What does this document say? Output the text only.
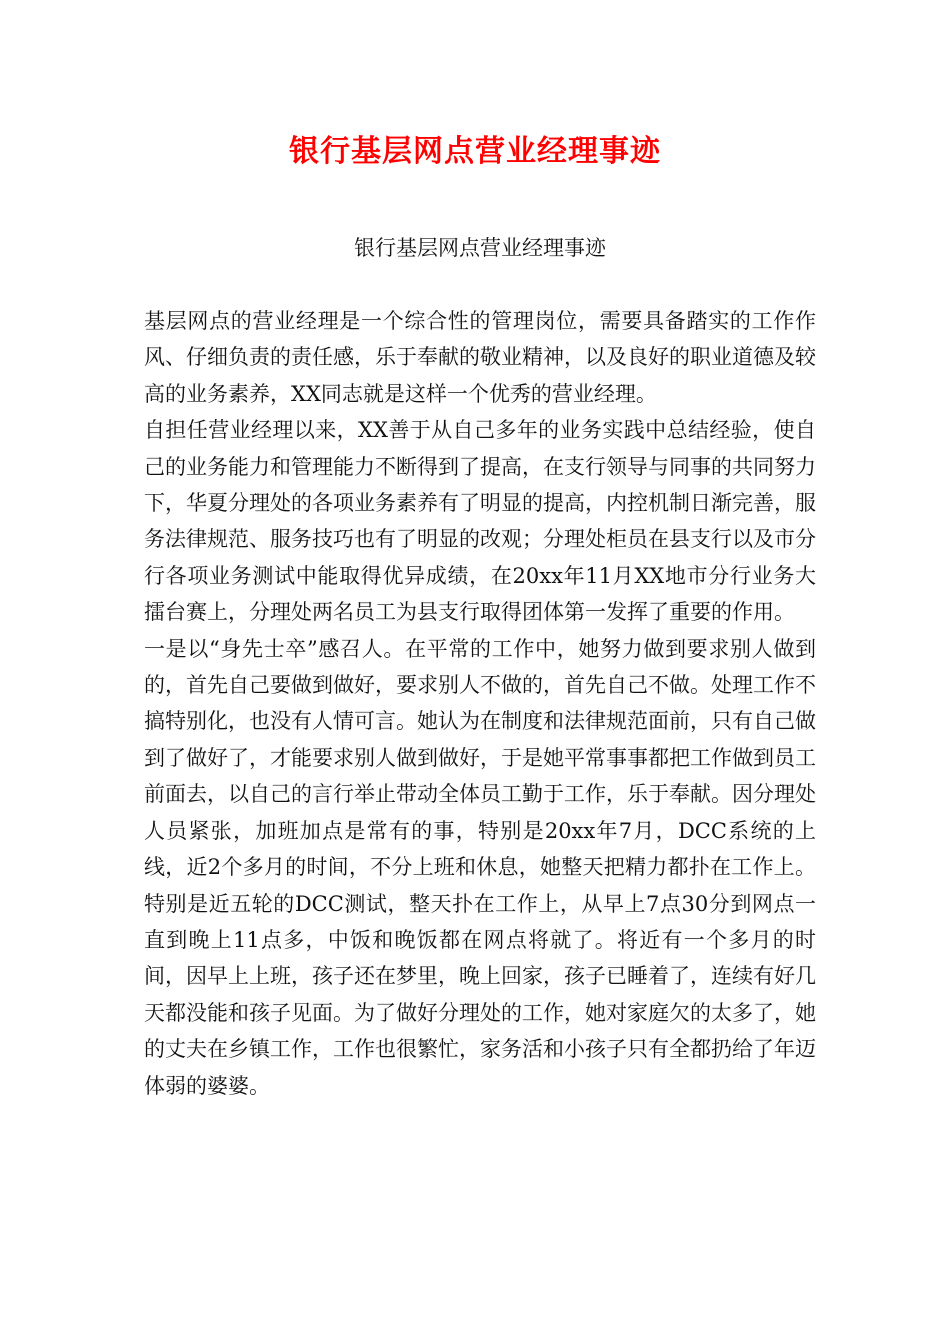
银行基层网点营业经理事迹
银行基层网点营业经理事迹

基层网点的营业经理是一个综合性的管理岗位，需要具备踏实的工作作风、仔细负责的责任感，乐于奉献的敬业精神，以及良好的职业道德及较高的业务素养，XX同志就是这样一个优秀的营业经理。

自担任营业经理以来，XX善于从自己多年的业务实践中总结经验，使自己的业务能力和管理能力不断得到了提高，在支行领导与同事的共同努力下，华夏分理处的各项业务素养有了明显的提高，内控机制日渐完善，服务法律规范、服务技巧也有了明显的改观；分理处柜员在县支行以及市分行各项业务测试中能取得优异成绩，在20xx年11月XX地市分行业务大擂台赛上，分理处两名员工为县支行取得团体第一发挥了重要的作用。

一是以“身先士卒”感召人。在平常的工作中，她努力做到要求别人做到的，首先自己要做到做好，要求别人不做的，首先自己不做。处理工作不搞特别化，也没有人情可言。她认为在制度和法律规范面前，只有自己做到了做好了，才能要求别人做到做好，于是她平常事事都把工作做到员工前面去，以自己的言行举止带动全体员工勤于工作，乐于奉献。因分理处人员紧张，加班加点是常有的事，特别是20xx年7月，DCC系统的上线，近2个多月的时间，不分上班和休息，她整天把精力都扑在工作上。特别是近五轮的DCC测试，整天扑在工作上，从早上7点30分到网点一直到晚上11点多，中饭和晚饭都在网点将就了。将近有一个多月的时间，因早上上班，孩子还在梦里，晚上回家，孩子已睡着了，连续有好几天都没能和孩子见面。为了做好分理处的工作，她对家庭欠的太多了，她的丈夫在乡镇工作，工作也很繁忙，家务活和小孩子只有全都扔给了年迈体弱的婆婆。
